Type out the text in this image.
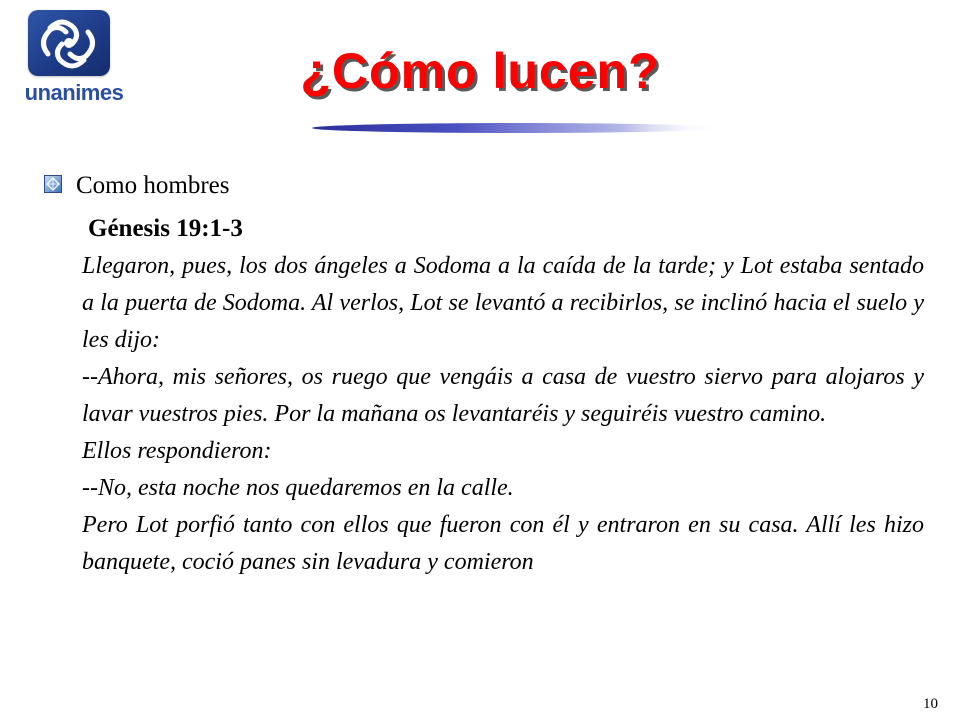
unanimes	¿Cómo lucen?
Como hombres
Génesis 19:1-3

Llegaron, pues, los dos ángeles a Sodoma a la caída de la tarde; y Lot estaba sentado a la puerta de Sodoma. Al verlos, Lot se levantó a recibirlos, se inclinó hacia el suelo y les dijo:

--Ahora, mis señores, os ruego que vengáis a casa de vuestro siervo para alojaros y lavar vuestros pies. Por la mañana os levantaréis y seguiréis vuestro camino.

Ellos respondieron:

--No, esta noche nos quedaremos en la calle.

Pero Lot porfió tanto con ellos que fueron con él y entraron en su casa. Allí les hizo banquete, coció panes sin levadura y comieron

10
